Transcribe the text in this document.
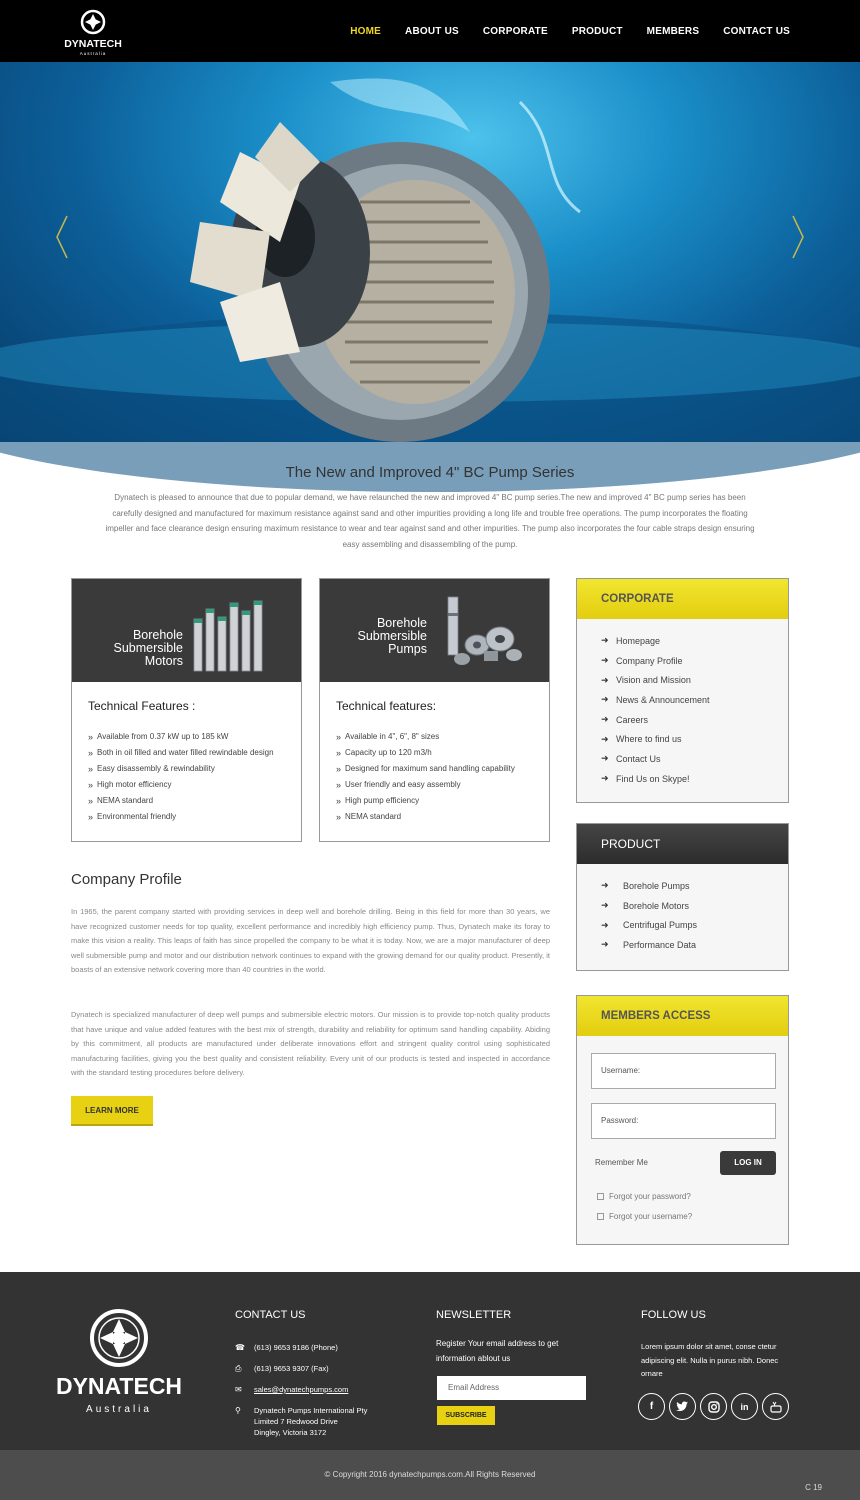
DYNATECH
Australia
HOME	ABOUT US	CORPORATE	PRODUCT	MEMBERS	CONTACT US
The New and Improved 4" BC Pump Series
Dynatech is pleased to announce that due to popular demand, we have relaunched the new and improved 4" BC pump series.The new and improved 4" BC pump series has been carefully designed and manufactured for maximum resistance against sand and other impurities providing a long life and trouble free operations. The pump incorporates the floating impeller and face clearance design ensuring maximum resistance to wear and tear against sand and other impurities. The pump also incorporates the four cable straps design ensuring easy assembling and disassembling of the pump.
Borehole
Submersible
Motors
Technical Features :
» Available from 0.37 kW up to 185 kW
» Both in oil filled and water filled rewindable design
» Easy disassembly & rewindability
» High motor efficiency
» NEMA standard
» Environmental friendly
Borehole
Submersible
Pumps
Technical features:
» Available in 4", 6", 8" sizes
» Capacity up to 120 m3/h
» Designed for maximum sand handling capability
» User friendly and easy assembly
» High pump efficiency
» NEMA standard
Company Profile
In 1965, the parent company started with providing services in deep well and borehole drilling. Being in this field for more than 30 years, we have recognized customer needs for top quality, excellent performance and incredibly high efficiency pump. Thus, Dynatech make its foray to make this vision a reality. This leaps of faith has since propelled the company to be what it is today. Now, we are a major manufacturer of deep well submersible pump and motor and our distribution network continues to expand with the growing demand for our quality product. Presently, it boasts of an extensive network covering more than 40 countries in the world.
Dynatech is specialized manufacturer of deep well pumps and submersible electric motors. Our mission is to provide top-notch quality products that have unique and value added features with the best mix of strength, durability and reliability for optimum sand handling capability. Abiding by this commitment, all products are manufactured under deliberate innovations effort and stringent quality control using sophisticated manufacturing facilities, giving you the best quality and consistent reliability. Every unit of our products is tested and inspected in accordance with the standard testing procedures before delivery.
LEARN MORE
CORPORATE
➜ Homepage
➜ Company Profile
➜ Vision and Mission
➜ News & Announcement
➜ Careers
➜ Where to find us
➜ Contact Us
➜ Find Us on Skype!
PRODUCT
➜	Borehole Pumps
➜	Borehole Motors
➜	Centrifugal Pumps
➜	Performance Data
MEMBERS ACCESS
Username:
Password:
Remember Me	LOG IN
Forgot your password?
Forgot your username?
DYNATECH
Australia
CONTACT US
☎	(613) 9653 9186 (Phone)
⎙	(613) 9653 9307 (Fax)
✉	sales@dynatechpumps.com
⚲	Dynatech Pumps International Pty
Limited 7 Redwood Drive
Dingley, Victoria 3172
NEWSLETTER
Register Your email address to get information ablout us
Email Address
SUBSCRIBE
FOLLOW US
Lorem ipsum dolor sit amet, conse ctetur adipiscing elit. Nulla in purus nibh. Donec ornare
f	in
© Copyright 2016 dynatechpumps.com.All Rights Reserved
C 19
